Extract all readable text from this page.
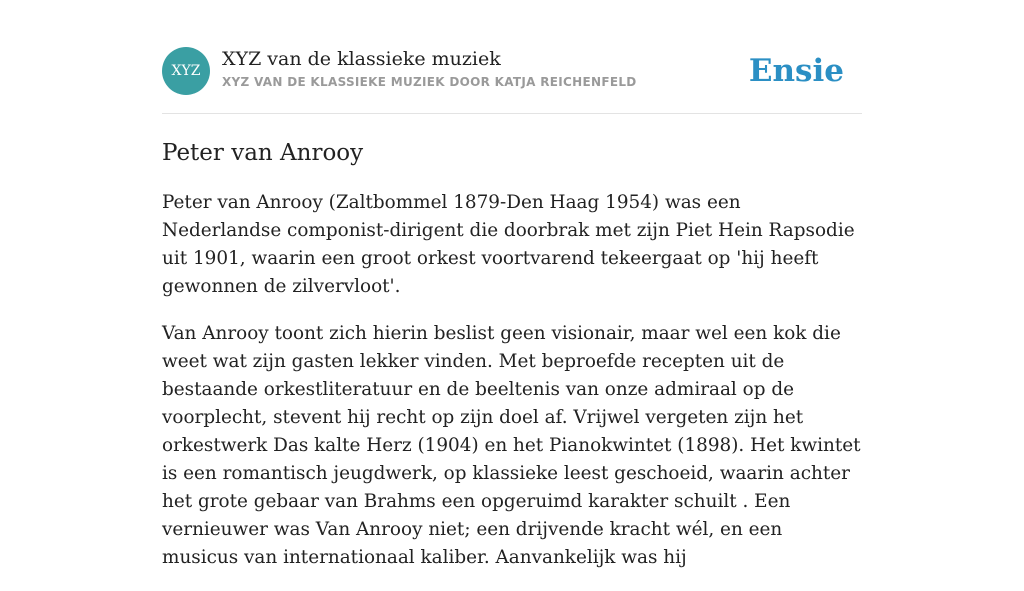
XYZ
XYZ van de klassieke muziek
XYZ VAN DE KLASSIEKE MUZIEK DOOR KATJA REICHENFELD	Ensie
Peter van Anrooy

Peter van Anrooy (Zaltbommel 1879-Den Haag 1954) was een Nederlandse componist-dirigent die doorbrak met zijn Piet Hein Rapsodie uit 1901, waarin een groot orkest voortvarend tekeergaat op 'hij heeft gewonnen de zilvervloot'.

Van Anrooy toont zich hierin beslist geen visionair, maar wel een kok die weet wat zijn gasten lekker vinden. Met beproefde recepten uit de bestaande orkestliteratuur en de beeltenis van onze admiraal op de voorplecht, stevent hij recht op zijn doel af. Vrijwel vergeten zijn het orkestwerk Das kalte Herz (1904) en het Pianokwintet (1898). Het kwintet is een romantisch jeugdwerk, op klassieke leest geschoeid, waarin achter het grote gebaar van Brahms een opgeruimd karakter schuilt . Een vernieuwer was Van Anrooy niet; een drijvende kracht wél, en een musicus van internationaal kaliber. Aanvankelijk was hij
